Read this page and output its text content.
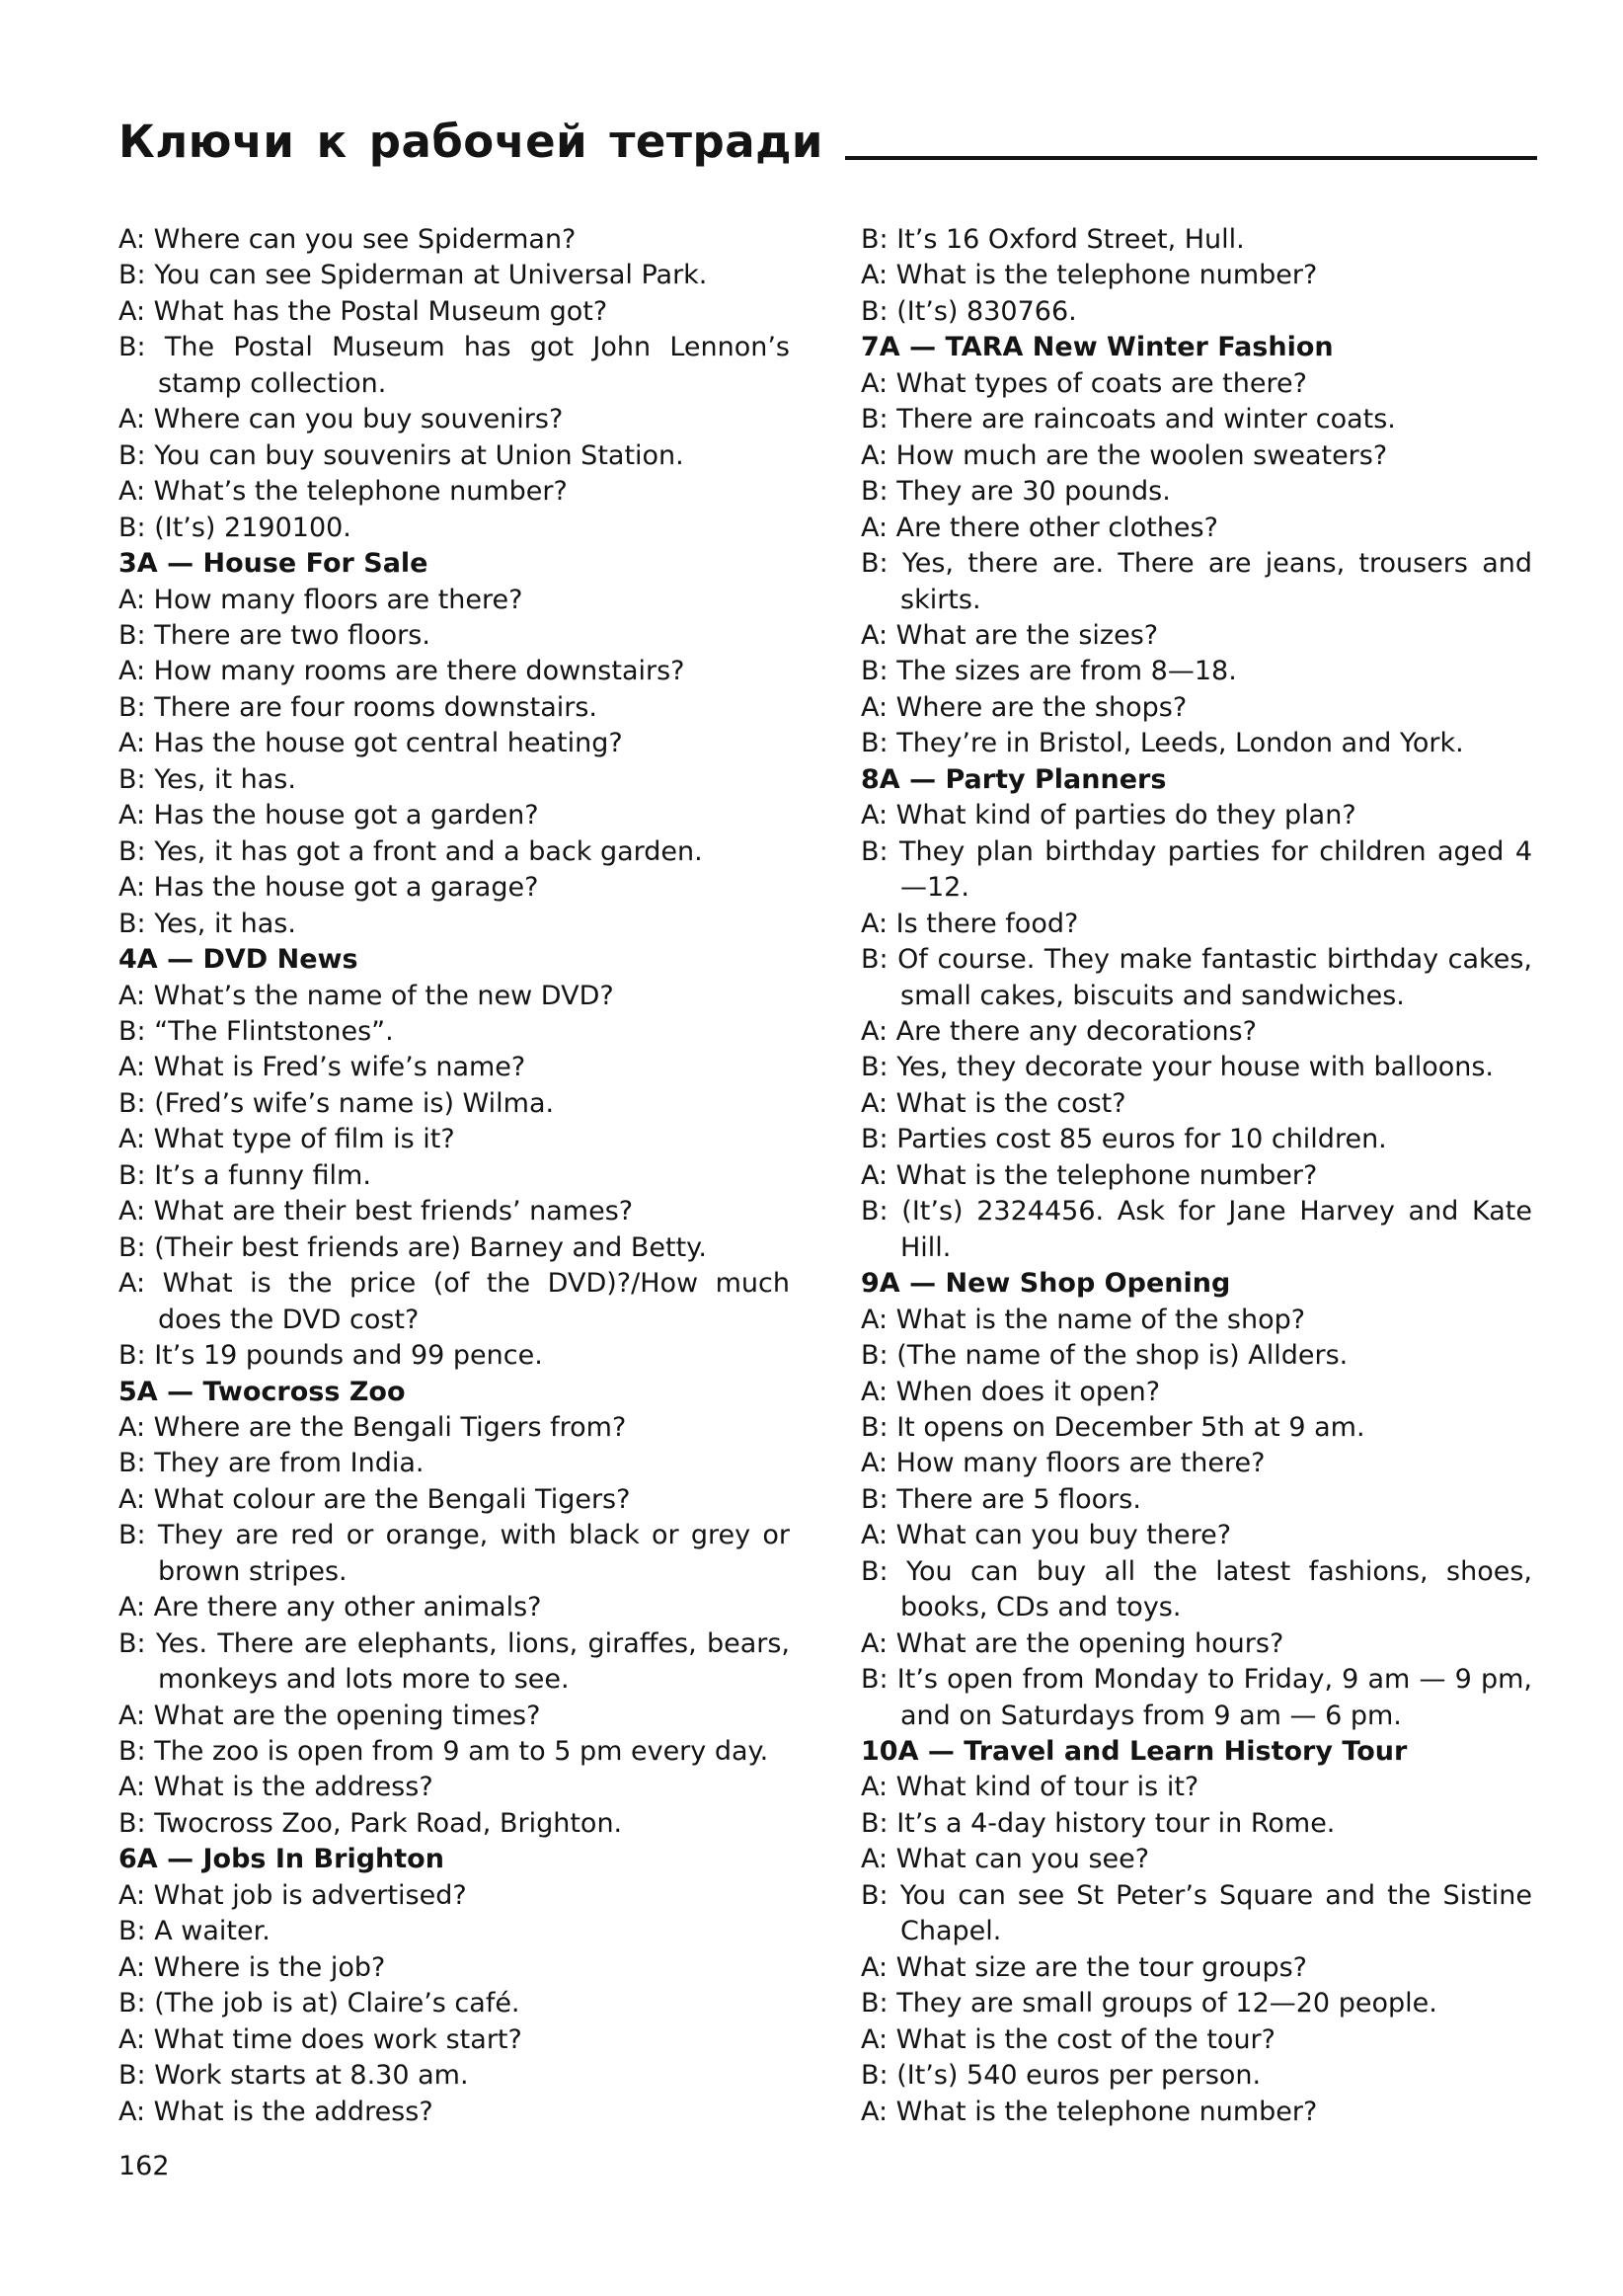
Ключи к рабочей тетради
A: Where can you see Spiderman?
B: You can see Spiderman at Universal Park.
A: What has the Postal Museum got?
B: The Postal Museum has got John Lennon’s stamp collection.
A: Where can you buy souvenirs?
B: You can buy souvenirs at Union Station.
A: What’s the telephone number?
B: (It’s) 2190100.
3A — House For Sale
A: How many floors are there?
B: There are two floors.
A: How many rooms are there downstairs?
B: There are four rooms downstairs.
A: Has the house got central heating?
B: Yes, it has.
A: Has the house got a garden?
B: Yes, it has got a front and a back garden.
A: Has the house got a garage?
B: Yes, it has.
4A — DVD News
A: What’s the name of the new DVD?
B: “The Flintstones”.
A: What is Fred’s wife’s name?
B: (Fred’s wife’s name is) Wilma.
A: What type of film is it?
B: It’s a funny film.
A: What are their best friends’ names?
B: (Their best friends are) Barney and Betty.
A: What is the price (of the DVD)?/How much does the DVD cost?
B: It’s 19 pounds and 99 pence.
5A — Twocross Zoo
A: Where are the Bengali Tigers from?
B: They are from India.
A: What colour are the Bengali Tigers?
B: They are red or orange, with black or grey or brown stripes.
A: Are there any other animals?
B: Yes. There are elephants, lions, giraffes, bears, monkeys and lots more to see.
A: What are the opening times?
B: The zoo is open from 9 am to 5 pm every day.
A: What is the address?
B: Twocross Zoo, Park Road, Brighton.
6A — Jobs In Brighton
A: What job is advertised?
B: A waiter.
A: Where is the job?
B: (The job is at) Claire’s café.
A: What time does work start?
B: Work starts at 8.30 am.
A: What is the address?
B: It’s 16 Oxford Street, Hull.
A: What is the telephone number?
B: (It’s) 830766.
7A — TARA New Winter Fashion
A: What types of coats are there?
B: There are raincoats and winter coats.
A: How much are the woolen sweaters?
B: They are 30 pounds.
A: Are there other clothes?
B: Yes, there are. There are jeans, trousers and skirts.
A: What are the sizes?
B: The sizes are from 8—18.
A: Where are the shops?
B: They’re in Bristol, Leeds, London and York.
8A — Party Planners
A: What kind of parties do they plan?
B: They plan birthday parties for children aged 4—12.
A: Is there food?
B: Of course. They make fantastic birthday cakes, small cakes, biscuits and sandwiches.
A: Are there any decorations?
B: Yes, they decorate your house with balloons.
A: What is the cost?
B: Parties cost 85 euros for 10 children.
A: What is the telephone number?
B: (It’s) 2324456. Ask for Jane Harvey and Kate Hill.
9A — New Shop Opening
A: What is the name of the shop?
B: (The name of the shop is) Allders.
A: When does it open?
B: It opens on December 5th at 9 am.
A: How many floors are there?
B: There are 5 floors.
A: What can you buy there?
B: You can buy all the latest fashions, shoes, books, CDs and toys.
A: What are the opening hours?
B: It’s open from Monday to Friday, 9 am — 9 pm, and on Saturdays from 9 am — 6 pm.
10A — Travel and Learn History Tour
A: What kind of tour is it?
B: It’s a 4-day history tour in Rome.
A: What can you see?
B: You can see St Peter’s Square and the Sistine Chapel.
A: What size are the tour groups?
B: They are small groups of 12—20 people.
A: What is the cost of the tour?
B: (It’s) 540 euros per person.
A: What is the telephone number?
162
